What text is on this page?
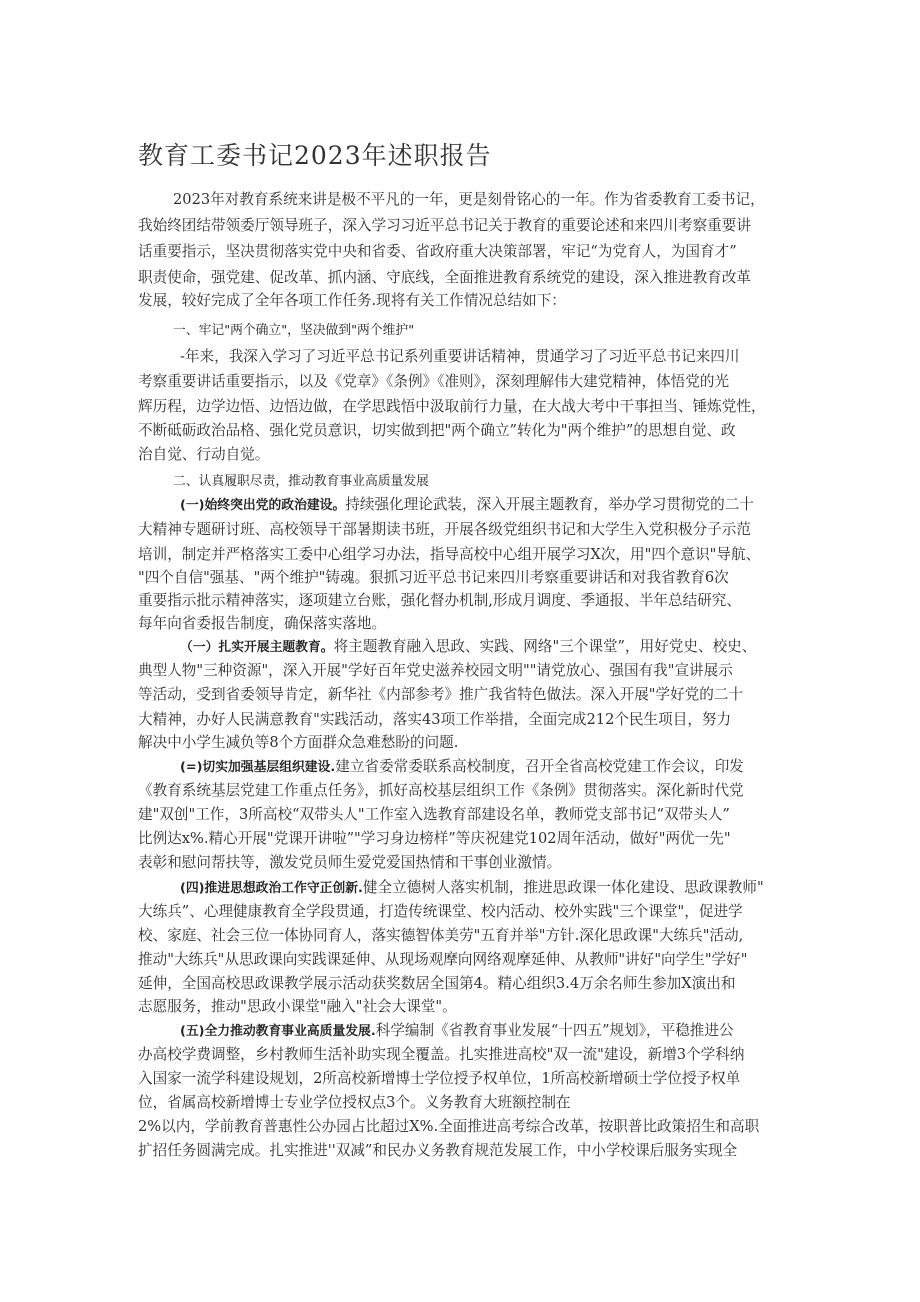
教育工委书记2023年述职报告
2023年对教育系统来讲是极不平凡的一年，更是刻骨铭心的一年。作为省委教育工委书记，
我始终团结带领委厅领导班子，深入学习习近平总书记关于教育的重要论述和来四川考察重要讲
话重要指示，坚决贯彻落实党中央和省委、省政府重大决策部署，牢记“为党育人，为国育才”
职责使命，强党建、促改革、抓内涵、守底线，全面推进教育系统党的建设，深入推进教育改革
发展，较好完成了全年各项工作任务.现将有关工作情况总结如下：
一、牢记"两个确立"，坚决做到"两个维护"
-年来，我深入学习了习近平总书记系列重要讲话精神，贯通学习了习近平总书记来四川
考察重要讲话重要指示，以及《党章》《条例》《准则》，深刻理解伟大建党精神，体悟党的光
辉历程，边学边悟、边悟边做，在学思践悟中汲取前行力量，在大战大考中干事担当、锤炼党性，
不断砥砺政治品格、强化党员意识，切实做到把"两个确立”转化为"两个维护”的思想自觉、政
治自觉、行动自觉。
二、认真履职尽责，推动教育事业高质量发展
(一)始终突出党的政治建设。持续强化理论武装，深入开展主题教育，举办学习贯彻党的二十
大精神专题研讨班、高校领导干部暑期读书班，开展各级党组织书记和大学生入党积极分子示范
培训，制定并严格落实工委中心组学习办法，指导高校中心组开展学习X次，用"四个意识"导航、
"四个自信"强基、"两个维护"铸魂。狠抓习近平总书记来四川考察重要讲话和对我省教育6次
重要指示批示精神落实，逐项建立台账，强化督办机制,形成月调度、季通报、半年总结研究、
每年向省委报告制度，确保落实落地。
（一）扎实开展主题教育。将主题教育融入思政、实践、网络"三个课堂”，用好党史、校史、
典型人物"三种资源"，深入开展"学好百年党史滋养校园文明""请党放心、强国有我"宣讲展示
等活动，受到省委领导肯定，新华社《内部参考》推广我省特色做法。深入开展"学好党的二十
大精神，办好人民满意教育"实践活动，落实43项工作举措，全面完成212个民生项目，努力
解决中小学生减负等8个方面群众急难愁盼的问题.
(=)切实加强基层组织建设.建立省委常委联系高校制度，召开全省高校党建工作会议，印发
《教育系统基层党建工作重点任务》，抓好高校基层组织工作《条例》贯彻落实。深化新时代党
建"双创"工作，3所高校“双带头人"工作室入选教育部建设名单，教师党支部书记“双带头人”
比例达x%.精心开展"党课开讲啦”"学习身边榜样”等庆祝建党102周年活动，做好"两优一先"
表彰和慰问帮扶等，激发党员师生爱党爱国热情和干事创业激情。
(四)推进思想政治工作守正创新.健全立德树人落实机制，推进思政课一体化建设、思政课教师"
大练兵”、心理健康教育全学段贯通，打造传统课堂、校内活动、校外实践"三个课堂"，促进学
校、家庭、社会三位一体协同育人，落实德智体美劳"五育并举"方针.深化思政课"大练兵"活动,
推动"大练兵"从思政课向实践课延伸、从现场观摩向网络观摩延伸、从教师"讲好"向学生"学好"
延伸，全国高校思政课教学展示活动获奖数居全国第4。精心组织3.4万余名师生参加X演出和
志愿服务，推动"思政小课堂"融入"社会大课堂"。
(五)全力推动教育事业高质量发展.科学编制《省教育事业发展“十四五”规划》，平稳推进公
办高校学费调整，乡村教师生活补助实现全覆盖。扎实推进高校"双一流"建设，新增3个学科纳
入国家一流学科建设规划，2所高校新增博士学位授予权单位，1所高校新增硕士学位授予权单
位，省属高校新增博士专业学位授权点3个。义务教育大班额控制在
2%以内，学前教育普惠性公办园占比超过X%.全面推进高考综合改革，按职普比政策招生和高职
扩招任务圆满完成。扎实推进''双减”和民办义务教育规范发展工作，中小学校课后服务实现全
